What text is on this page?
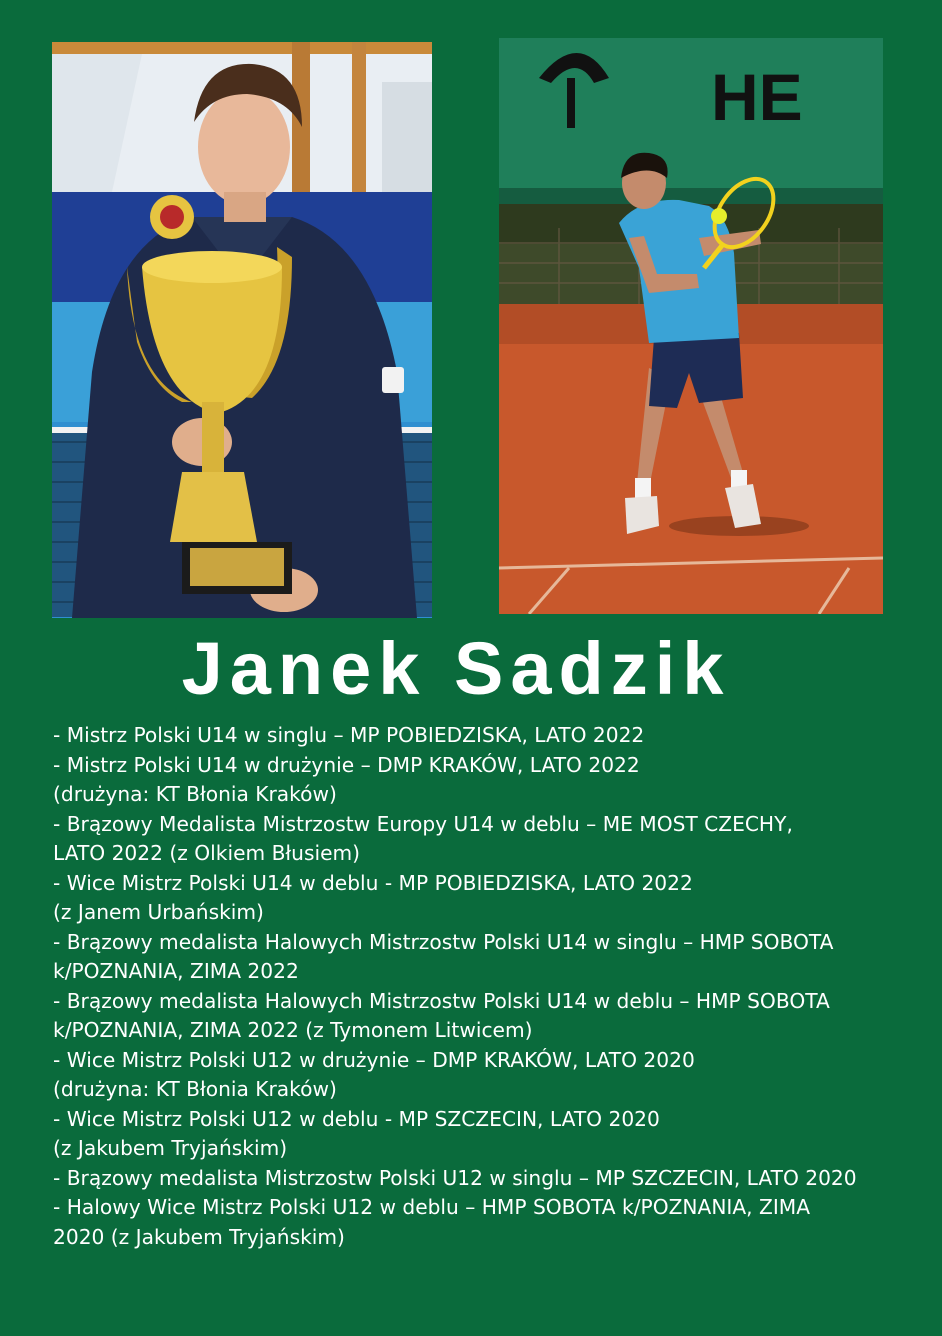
HE
Janek Sadzik
- Mistrz Polski U14 w singlu – MP POBIEDZISKA, LATO 2022
- Mistrz Polski U14 w drużynie – DMP KRAKÓW, LATO 2022
(drużyna: KT Błonia Kraków)
- Brązowy Medalista Mistrzostw Europy U14 w deblu – ME MOST CZECHY,
LATO 2022 (z Olkiem Błusiem)
- Wice Mistrz Polski U14 w deblu - MP POBIEDZISKA, LATO 2022
(z Janem Urbańskim)
- Brązowy medalista Halowych Mistrzostw Polski U14 w singlu – HMP SOBOTA
k/POZNANIA, ZIMA 2022
- Brązowy medalista Halowych Mistrzostw Polski U14 w deblu – HMP SOBOTA
k/POZNANIA, ZIMA 2022 (z Tymonem Litwicem)
- Wice Mistrz Polski U12 w drużynie – DMP KRAKÓW, LATO 2020
(drużyna: KT Błonia Kraków)
- Wice Mistrz Polski U12 w deblu - MP SZCZECIN, LATO 2020
(z Jakubem Tryjańskim)
- Brązowy medalista Mistrzostw Polski U12 w singlu – MP SZCZECIN, LATO 2020
- Halowy Wice Mistrz Polski U12 w deblu – HMP SOBOTA k/POZNANIA, ZIMA
2020 (z Jakubem Tryjańskim)
